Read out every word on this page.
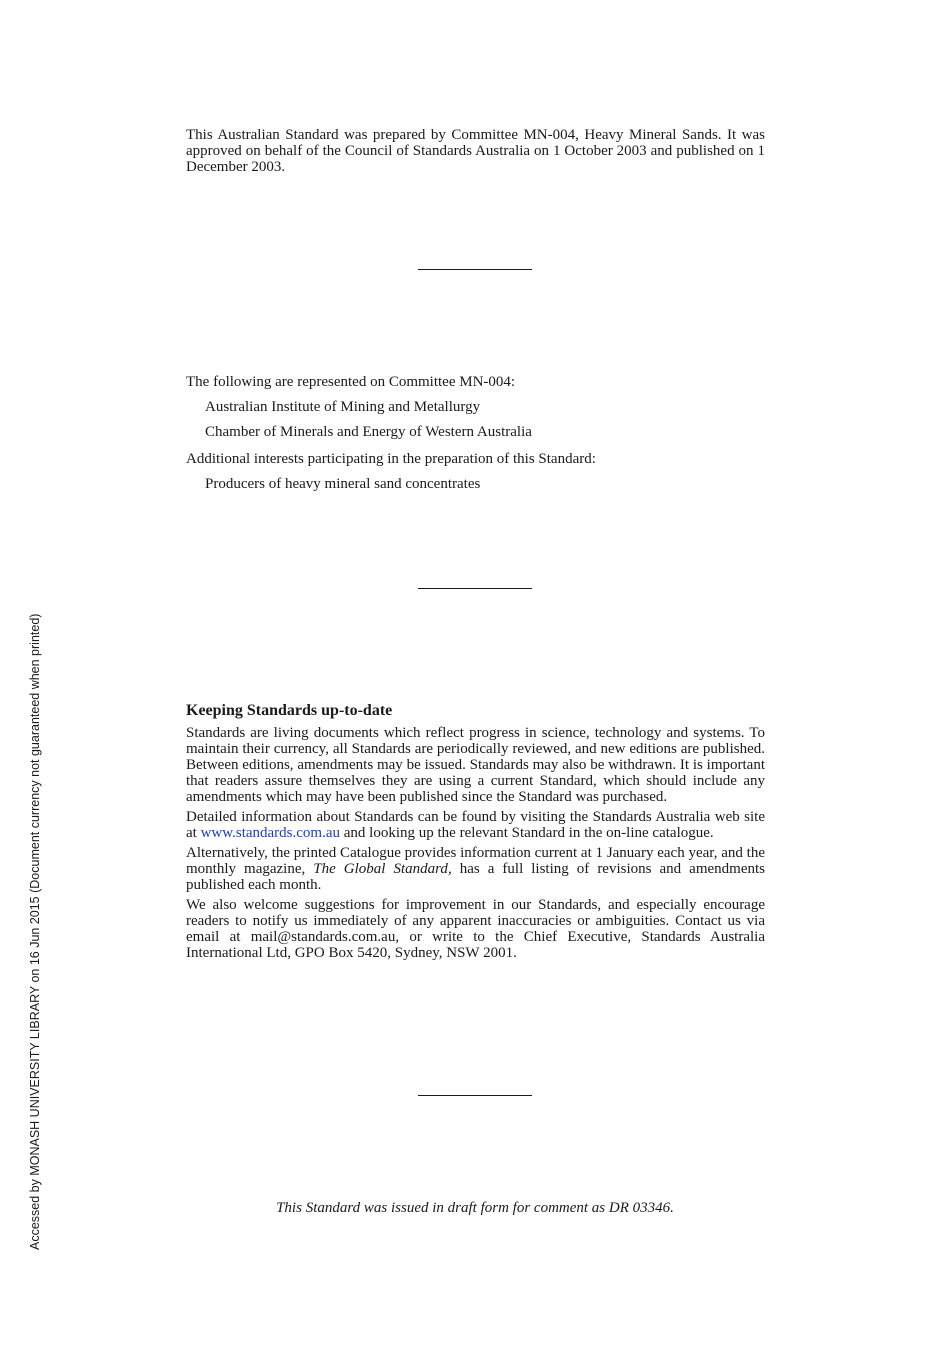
Accessed by MONASH UNIVERSITY LIBRARY on 16 Jun 2015 (Document currency not guaranteed when printed)

This Australian Standard was prepared by Committee MN-004, Heavy Mineral Sands. It was approved on behalf of the Council of Standards Australia on 1 October 2003 and published on 1 December 2003.

The following are represented on Committee MN-004:
Australian Institute of Mining and Metallurgy
Chamber of Minerals and Energy of Western Australia
Additional interests participating in the preparation of this Standard:
Producers of heavy mineral sand concentrates
Keeping Standards up-to-date

Standards are living documents which reflect progress in science, technology and systems. To maintain their currency, all Standards are periodically reviewed, and new editions are published. Between editions, amendments may be issued. Standards may also be withdrawn. It is important that readers assure themselves they are using a current Standard, which should include any amendments which may have been published since the Standard was purchased.

Detailed information about Standards can be found by visiting the Standards Australia web site at www.standards.com.au and looking up the relevant Standard in the on-line catalogue.

Alternatively, the printed Catalogue provides information current at 1 January each year, and the monthly magazine, The Global Standard, has a full listing of revisions and amendments published each month.

We also welcome suggestions for improvement in our Standards, and especially encourage readers to notify us immediately of any apparent inaccuracies or ambiguities. Contact us via email at mail@standards.com.au, or write to the Chief Executive, Standards Australia International Ltd, GPO Box 5420, Sydney, NSW 2001.

This Standard was issued in draft form for comment as DR 03346.
